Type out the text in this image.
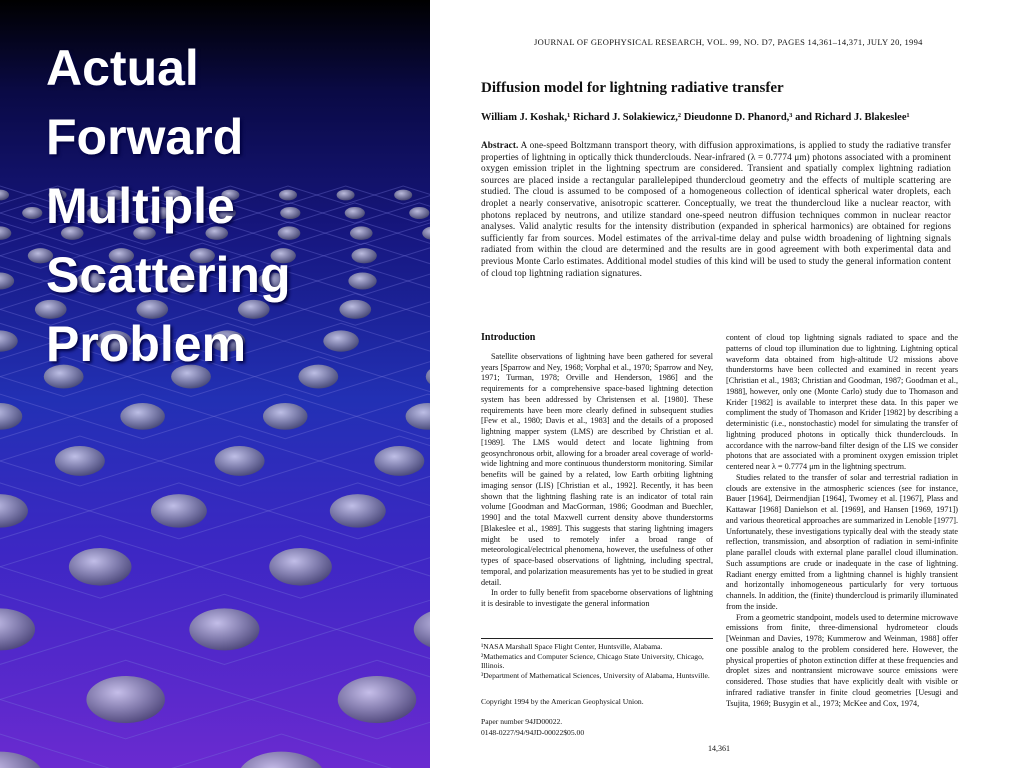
Actual
Forward
Multiple
Scattering
Problem
JOURNAL OF GEOPHYSICAL RESEARCH, VOL. 99, NO. D7, PAGES 14,361–14,371, JULY 20, 1994
Diffusion model for lightning radiative transfer
William J. Koshak,¹ Richard J. Solakiewicz,² Dieudonne D. Phanord,³ and Richard J. Blakeslee¹

Abstract. A one-speed Boltzmann transport theory, with diffusion approximations, is applied to study the radiative transfer properties of lightning in optically thick thunderclouds. Near-infrared (λ = 0.7774 μm) photons associated with a prominent oxygen emission triplet in the lightning spectrum are considered. Transient and spatially complex lightning radiation sources are placed inside a rectangular parallelepiped thundercloud geometry and the effects of multiple scattering are studied. The cloud is assumed to be composed of a homogeneous collection of identical spherical water droplets, each droplet a nearly conservative, anisotropic scatterer. Conceptually, we treat the thundercloud like a nuclear reactor, with photons replaced by neutrons, and utilize standard one-speed neutron diffusion techniques common in nuclear reactor analyses. Valid analytic results for the intensity distribution (expanded in spherical harmonics) are obtained for regions sufficiently far from sources. Model estimates of the arrival-time delay and pulse width broadening of lightning signals radiated from within the cloud are determined and the results are in good agreement with both experimental data and previous Monte Carlo estimates. Additional model studies of this kind will be used to study the general information content of cloud top lightning radiation signatures.

Introduction

Satellite observations of lightning have been gathered for several years [Sparrow and Ney, 1968; Vorphal et al., 1970; Sparrow and Ney, 1971; Turman, 1978; Orville and Henderson, 1986] and the requirements for a comprehensive space-based lightning detection system has been addressed by Christensen et al. [1980]. These requirements have been more clearly defined in subsequent studies [Few et al., 1980; Davis et al., 1983] and the details of a proposed lightning mapper system (LMS) are described by Christian et al. [1989]. The LMS would detect and locate lightning from geosynchronous orbit, allowing for a broader areal coverage of world-wide lightning and more continuous thunderstorm monitoring. Similar benefits will be gained by a related, low Earth orbiting lightning imaging sensor (LIS) [Christian et al., 1992]. Recently, it has been shown that the lightning flashing rate is an indicator of total rain volume [Goodman and MacGorman, 1986; Goodman and Buechler, 1990] and the total Maxwell current density above thunderstorms [Blakeslee et al., 1989]. This suggests that staring lightning imagers might be used to remotely infer a broad range of meteorological/electrical phenomena, however, the usefulness of other types of space-based observations of lightning, including spectral, temporal, and polarization measurements has yet to be studied in great detail.

In order to fully benefit from spaceborne observations of lightning it is desirable to investigate the general information

¹NASA Marshall Space Flight Center, Huntsville, Alabama.
²Mathematics and Computer Science, Chicago State University, Chicago, Illinois.
³Department of Mathematical Sciences, University of Alabama, Huntsville.
Copyright 1994 by the American Geophysical Union.
Paper number 94JD00022.
0148-0227/94/94JD-00022$05.00

content of cloud top lightning signals radiated to space and the patterns of cloud top illumination due to lightning. Lightning optical waveform data obtained from high-altitude U2 missions above thunderstorms have been collected and examined in recent years [Christian et al., 1983; Christian and Goodman, 1987; Goodman et al., 1988], however, only one (Monte Carlo) study due to Thomason and Krider [1982] is available to interpret these data. In this paper we compliment the study of Thomason and Krider [1982] by describing a deterministic (i.e., nonstochastic) model for simulating the transfer of lightning produced photons in optically thick thunderclouds. In accordance with the narrow-band filter design of the LIS we consider photons that are associated with a prominent oxygen emission triplet centered near λ = 0.7774 μm in the lightning spectrum.

Studies related to the transfer of solar and terrestrial radiation in clouds are extensive in the atmospheric sciences (see for instance, Bauer [1964], Deirmendjian [1964], Twomey et al. [1967], Plass and Kattawar [1968] Danielson et al. [1969], and Hansen [1969, 1971]) and various theoretical approaches are summarized in Lenoble [1977]. Unfortunately, these investigations typically deal with the steady state reflection, transmission, and absorption of radiation in semi-infinite plane parallel clouds with external plane parallel cloud illumination. Such assumptions are crude or inadequate in the case of lightning. Radiant energy emitted from a lightning channel is highly transient and horizontally inhomogeneous particularly for very tortuous channels. In addition, the (finite) thundercloud is primarily illuminated from the inside.

From a geometric standpoint, models used to determine microwave emissions from finite, three-dimensional hydrometeor clouds [Weinman and Davies, 1978; Kummerow and Weinman, 1988] offer one possible analog to the problem considered here. However, the physical properties of photon extinction differ at these frequencies and droplet sizes and nontransient microwave source emissions were considered. Those studies that have explicitly dealt with visible or infrared radiative transfer in finite cloud geometries [Uesugi and Tsujita, 1969; Busygin et al., 1973; McKee and Cox, 1974,

14,361
